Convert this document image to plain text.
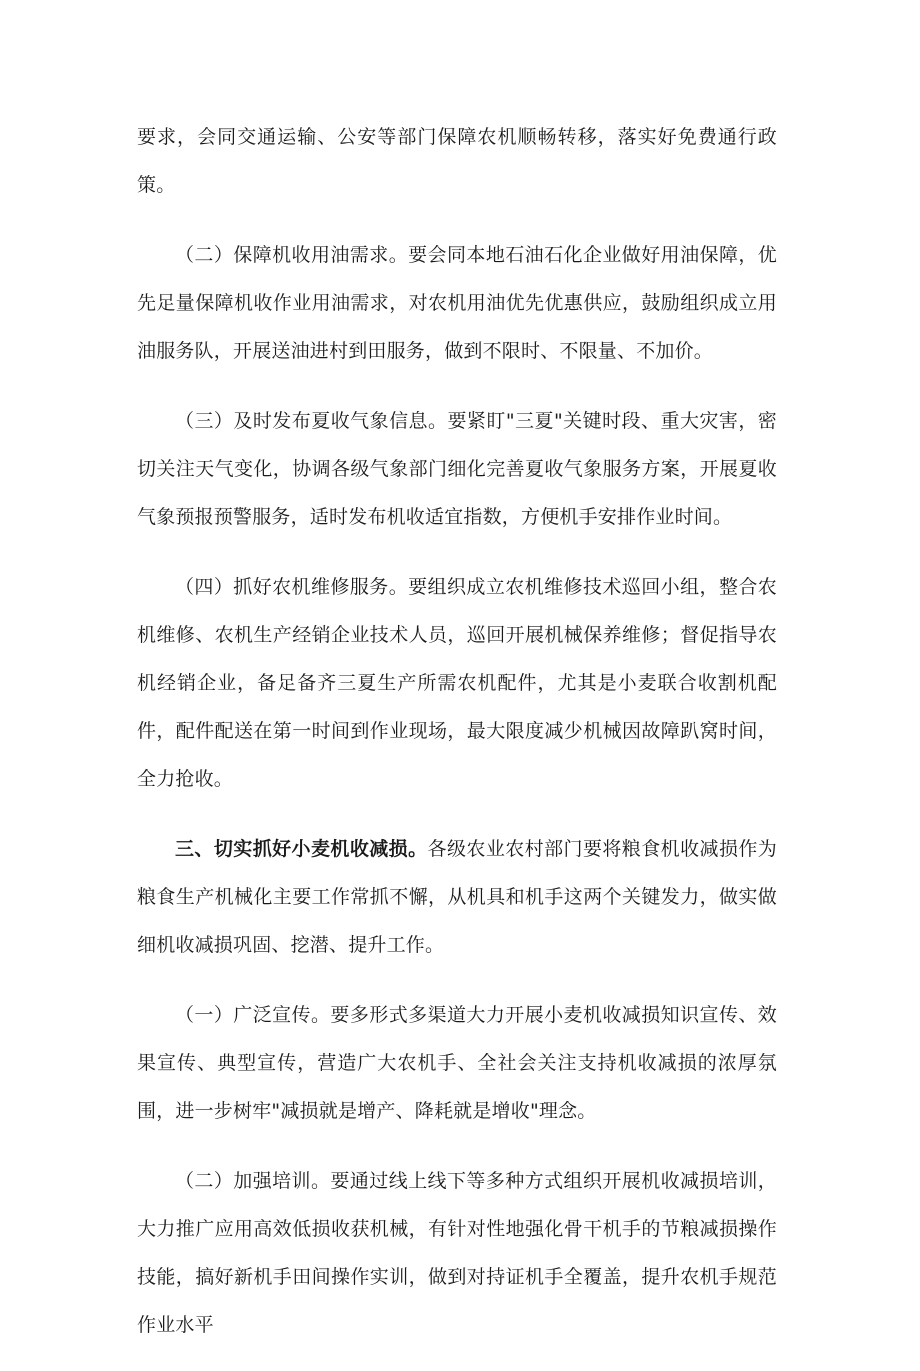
要求，会同交通运输、公安等部门保障农机顺畅转移，落实好免费通行政策。

（二）保障机收用油需求。要会同本地石油石化企业做好用油保障，优先足量保障机收作业用油需求，对农机用油优先优惠供应，鼓励组织成立用油服务队，开展送油进村到田服务，做到不限时、不限量、不加价。

（三）及时发布夏收气象信息。要紧盯"三夏"关键时段、重大灾害，密切关注天气变化，协调各级气象部门细化完善夏收气象服务方案，开展夏收气象预报预警服务，适时发布机收适宜指数，方便机手安排作业时间。

（四）抓好农机维修服务。要组织成立农机维修技术巡回小组，整合农机维修、农机生产经销企业技术人员，巡回开展机械保养维修；督促指导农机经销企业，备足备齐三夏生产所需农机配件，尤其是小麦联合收割机配件，配件配送在第一时间到作业现场，最大限度减少机械因故障趴窝时间，全力抢收。

三、切实抓好小麦机收减损。各级农业农村部门要将粮食机收减损作为粮食生产机械化主要工作常抓不懈，从机具和机手这两个关键发力，做实做细机收减损巩固、挖潜、提升工作。

（一）广泛宣传。要多形式多渠道大力开展小麦机收减损知识宣传、效果宣传、典型宣传，营造广大农机手、全社会关注支持机收减损的浓厚氛围，进一步树牢"减损就是增产、降耗就是增收"理念。

（二）加强培训。要通过线上线下等多种方式组织开展机收减损培训，大力推广应用高效低损收获机械，有针对性地强化骨干机手的节粮减损操作技能，搞好新机手田间操作实训，做到对持证机手全覆盖，提升农机手规范作业水平
